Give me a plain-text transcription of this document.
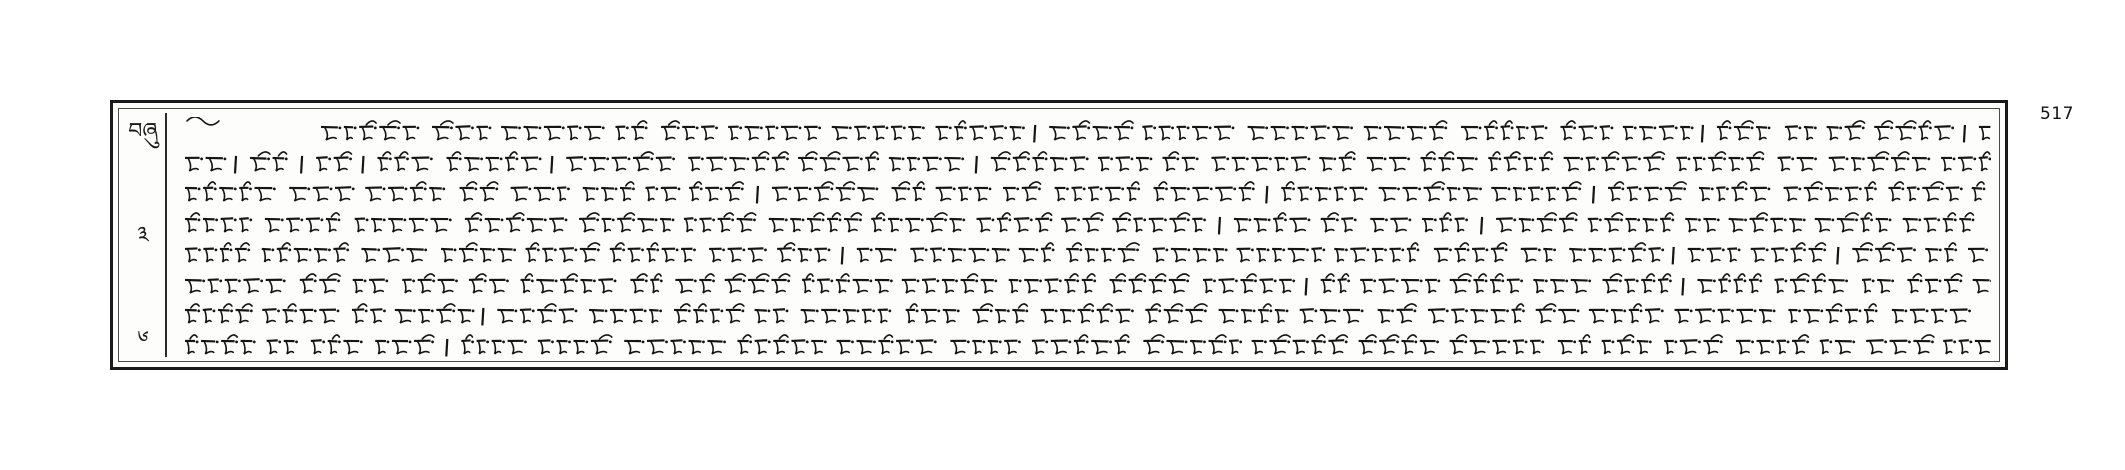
517
བཞུ
༣
༦
